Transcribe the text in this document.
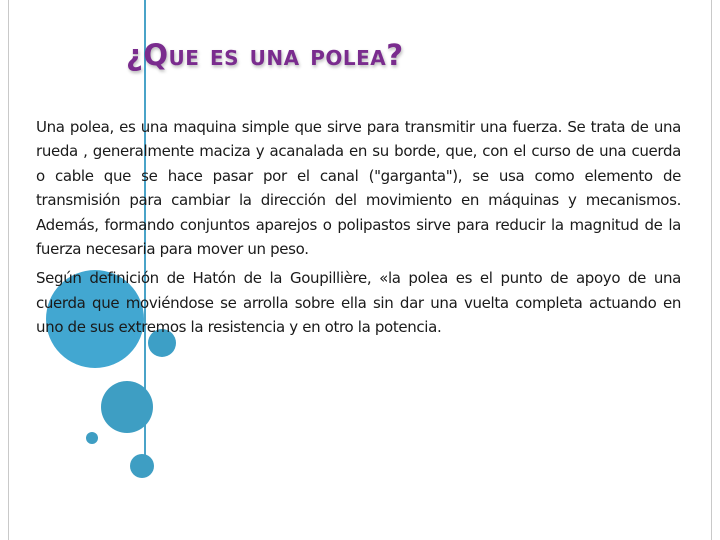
¿Que es una polea?

Una polea, es una maquina simple que sirve para transmitir una fuerza. Se trata de una rueda , generalmente maciza y acanalada en su borde, que, con el curso de una cuerda o cable que se hace pasar por el canal ("garganta"), se usa como elemento de transmisión para cambiar la dirección del movimiento en máquinas y mecanismos. Además, formando conjuntos aparejos o polipastos sirve para reducir la magnitud de la fuerza necesaria para mover un peso.

Según definición de Hatón de la Goupillière, «la polea es el punto de apoyo de una cuerda que moviéndose se arrolla sobre ella sin dar una vuelta completa actuando en uno de sus extremos la resistencia y en otro la potencia.
